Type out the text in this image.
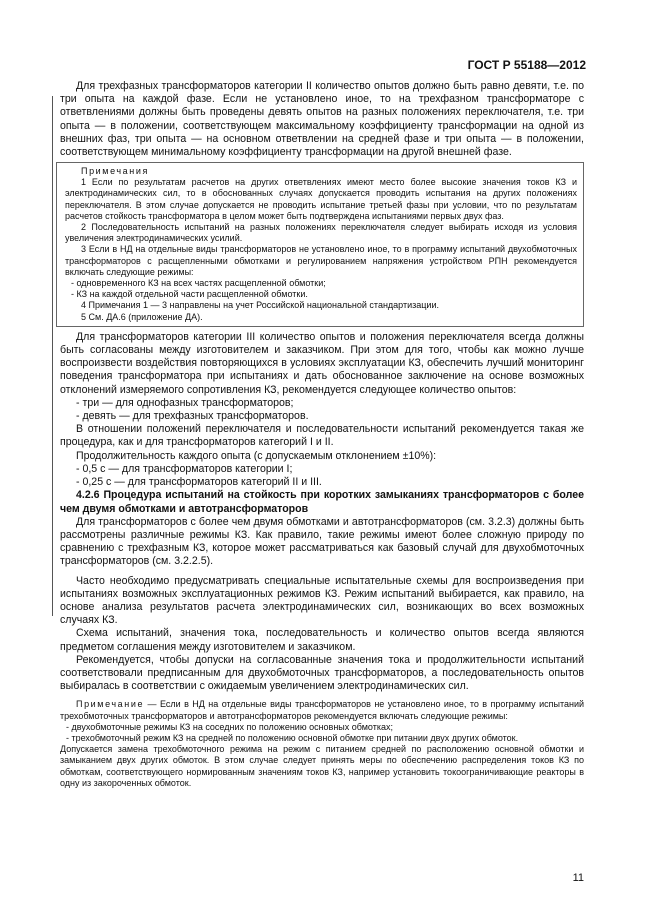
ГОСТ Р 55188—2012

Для трехфазных трансформаторов категории II количество опытов должно быть равно девяти, т.е. по три опыта на каждой фазе. Если не установлено иное, то на трехфазном трансформаторе с ответвлениями должны быть проведены девять опытов на разных положениях переключателя, т.е. три опыта — в положении, соответствующем максимальному коэффициенту трансформации на одной из внешних фаз, три опыта — на основном ответвлении на средней фазе и три опыта — в положении, соответствующем минимальному коэффициенту трансформации на другой внешней фазе.

Примечания

1 Если по результатам расчетов на других ответвлениях имеют место более высокие значения токов КЗ и электродинамических сил, то в обоснованных случаях допускается проводить испытания на других положениях переключателя. В этом случае допускается не проводить испытание третьей фазы при условии, что по результатам расчетов стойкость трансформатора в целом может быть подтверждена испытаниями первых двух фаз.

2 Последовательность испытаний на разных положениях переключателя следует выбирать исходя из условия увеличения электродинамических усилий.

3 Если в НД на отдельные виды трансформаторов не установлено иное, то в программу испытаний двухобмоточных трансформаторов с расщепленными обмотками и регулированием напряжения устройством РПН рекомендуется включать следующие режимы:

- одновременного КЗ на всех частях расщепленной обмотки;

- КЗ на каждой отдельной части расщепленной обмотки.

4 Примечания 1 — 3 направлены на учет Российской национальной стандартизации.

5 См. ДА.6 (приложение ДА).

Для трансформаторов категории III количество опытов и положения переключателя всегда должны быть согласованы между изготовителем и заказчиком. При этом для того, чтобы как можно лучше воспроизвести воздействия повторяющихся в условиях эксплуатации КЗ, обеспечить лучший мониторинг поведения трансформатора при испытаниях и дать обоснованное заключение на основе возможных отклонений измеряемого сопротивления КЗ, рекомендуется следующее количество опытов:

- три — для однофазных трансформаторов;

- девять — для трехфазных трансформаторов.

В отношении положений переключателя и последовательности испытаний рекомендуется такая же процедура, как и для трансформаторов категорий I и II.

Продолжительность каждого опыта (с допускаемым отклонением ±10%):

- 0,5 с — для трансформаторов категории I;

- 0,25 с — для трансформаторов категорий II и III.

4.2.6 Процедура испытаний на стойкость при коротких замыканиях трансформаторов с более чем двумя обмотками и автотрансформаторов

Для трансформаторов с более чем двумя обмотками и автотрансформаторов (см. 3.2.3) должны быть рассмотрены различные режимы КЗ. Как правило, такие режимы имеют более сложную природу по сравнению с трехфазным КЗ, которое может рассматриваться как базовый случай для двухобмоточных трансформаторов (см. 3.2.2.5).

Часто необходимо предусматривать специальные испытательные схемы для воспроизведения при испытаниях возможных эксплуатационных режимов КЗ. Режим испытаний выбирается, как правило, на основе анализа результатов расчета электродинамических сил, возникающих во всех возможных случаях КЗ.

Схема испытаний, значения тока, последовательность и количество опытов всегда являются предметом соглашения между изготовителем и заказчиком.

Рекомендуется, чтобы допуски на согласованные значения тока и продолжительности испытаний соответствовали предписанным для двухобмоточных трансформаторов, а последовательность опытов выбиралась в соответствии с ожидаемым увеличением электродинамических сил.

Примечание — Если в НД на отдельные виды трансформаторов не установлено иное, то в программу испытаний трехобмоточных трансформаторов и автотрансформаторов рекомендуется включать следующие режимы:

- двухобмоточные режимы КЗ на соседних по положению основных обмотках;

- трехобмоточный режим КЗ на средней по положению основной обмотке при питании двух других обмоток.

Допускается замена трехобмоточного режима на режим с питанием средней по расположению основной обмотки и замыканием двух других обмоток. В этом случае следует принять меры по обеспечению распределения токов КЗ по обмоткам, соответствующего нормированным значениям токов КЗ, например установить токоограничивающие реакторы в одну из закороченных обмоток.

11
